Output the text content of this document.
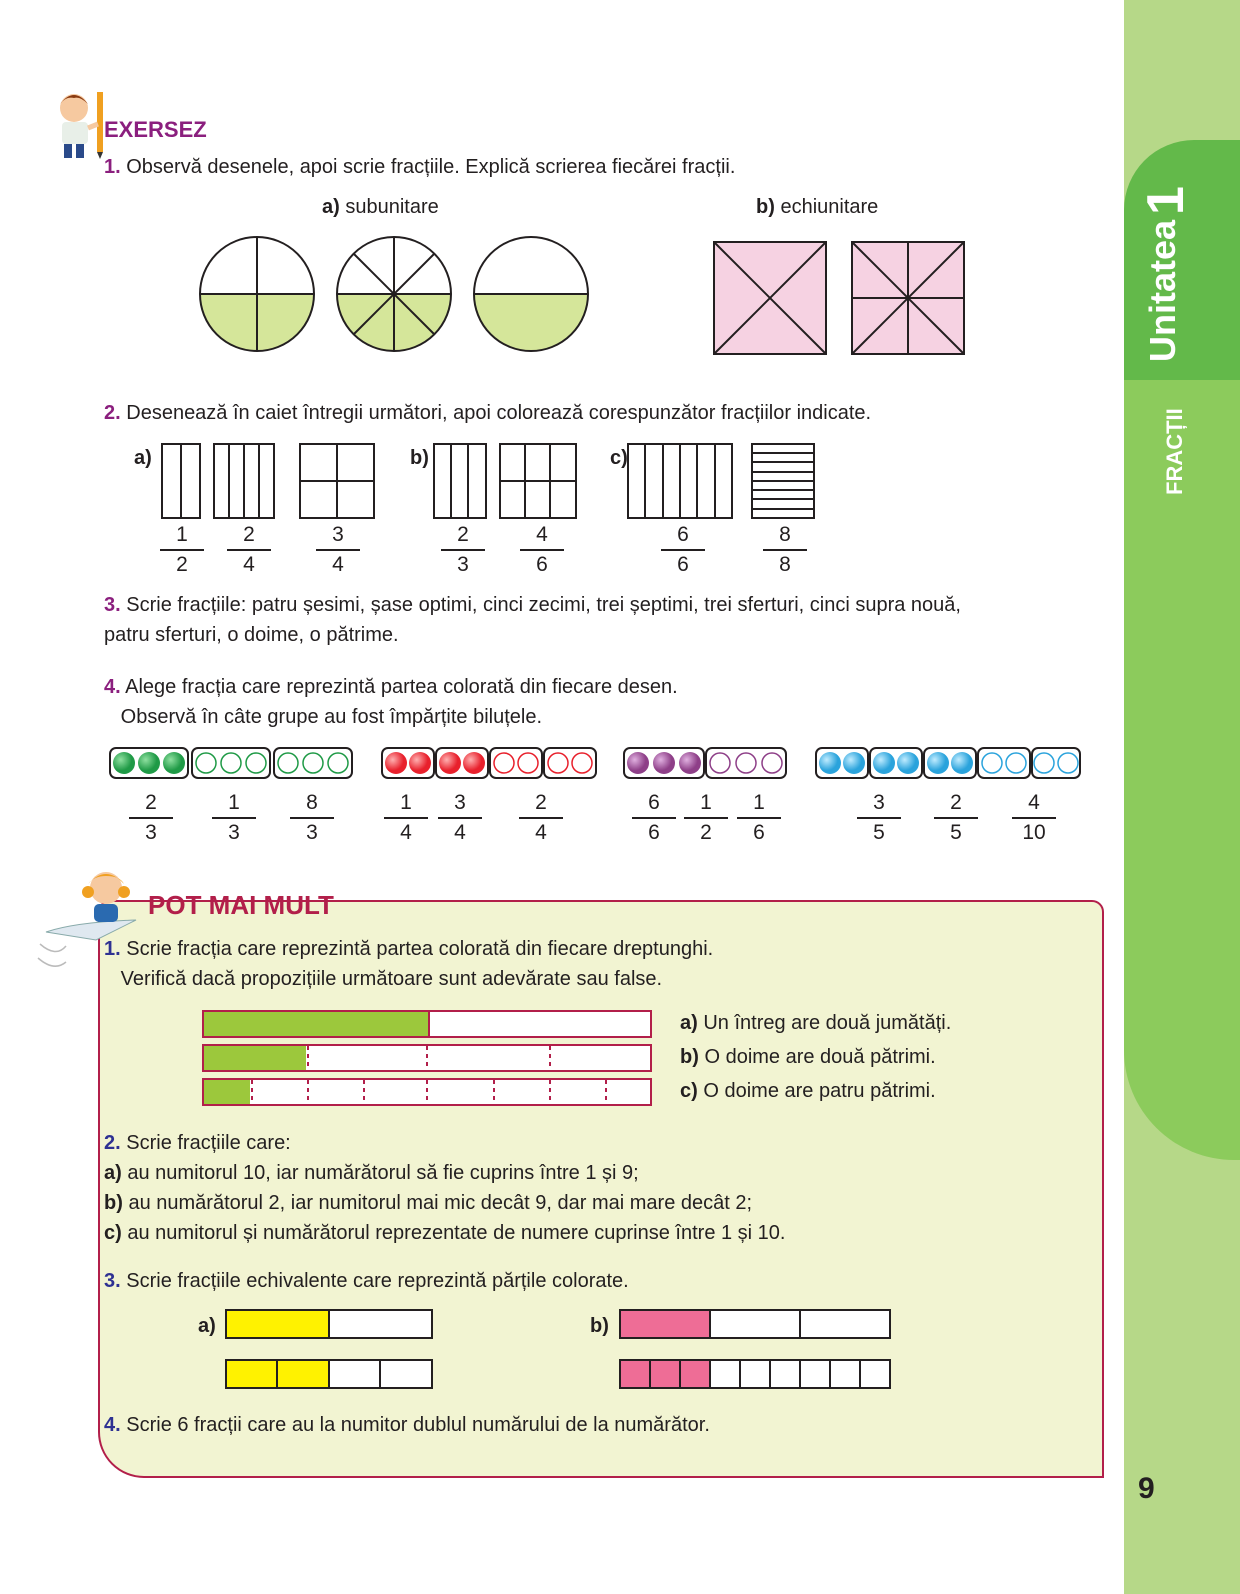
Unitatea
1
FRACȚII
9
EXERSEZ
1. Observă desenele, apoi scrie fracțiile. Explică scrierea fiecărei fracții.
a) subunitare	b) echiunitare
2. Desenează în caiet întregii următori, apoi colorează corespunzător fracțiilor indicate.
a)	b)	c)
$\frac{1}{2} \frac{2}{4} \frac{3}{4}$	$\frac{2}{3} \frac{4}{6}$	$\frac{6}{6}$	$\frac{8}{8}$
3. Scrie fracțiile: patru șesimi, șase optimi, cinci zecimi, trei șeptimi, trei sferturi, cinci supra nouă,
patru sferturi, o doime, o pătrime.
4. Alege fracția care reprezintă partea colorată din fiecare desen.
Observă în câte grupe au fost împărțite biluțele.
$\frac{2}{3} \frac{1}{3} \frac{8}{3} \frac{1}{4} \frac{3}{4} \frac{2}{4}$	$\frac{6}{6} \frac{1}{2} \frac{1}{6}$	$\frac{3}{5} \frac{2}{5} \frac{4}{10}$
POT MAI MULT
1. Scrie fracția care reprezintă partea colorată din fiecare dreptunghi.
Verifică dacă propozițiile următoare sunt adevărate sau false.
a) Un întreg are două jumătăți.
b) O doime are două pătrimi.
c) O doime are patru pătrimi.
2. Scrie fracțiile care:
a) au numitorul 10, iar numărătorul să fie cuprins între 1 și 9;
b) au numărătorul 2, iar numitorul mai mic decât 9, dar mai mare decât 2;
c) au numitorul și numărătorul reprezentate de numere cuprinse între 1 și 10.
3. Scrie fracțiile echivalente care reprezintă părțile colorate.
a)	b)
4. Scrie 6 fracții care au la numitor dublul numărului de la numărător.
